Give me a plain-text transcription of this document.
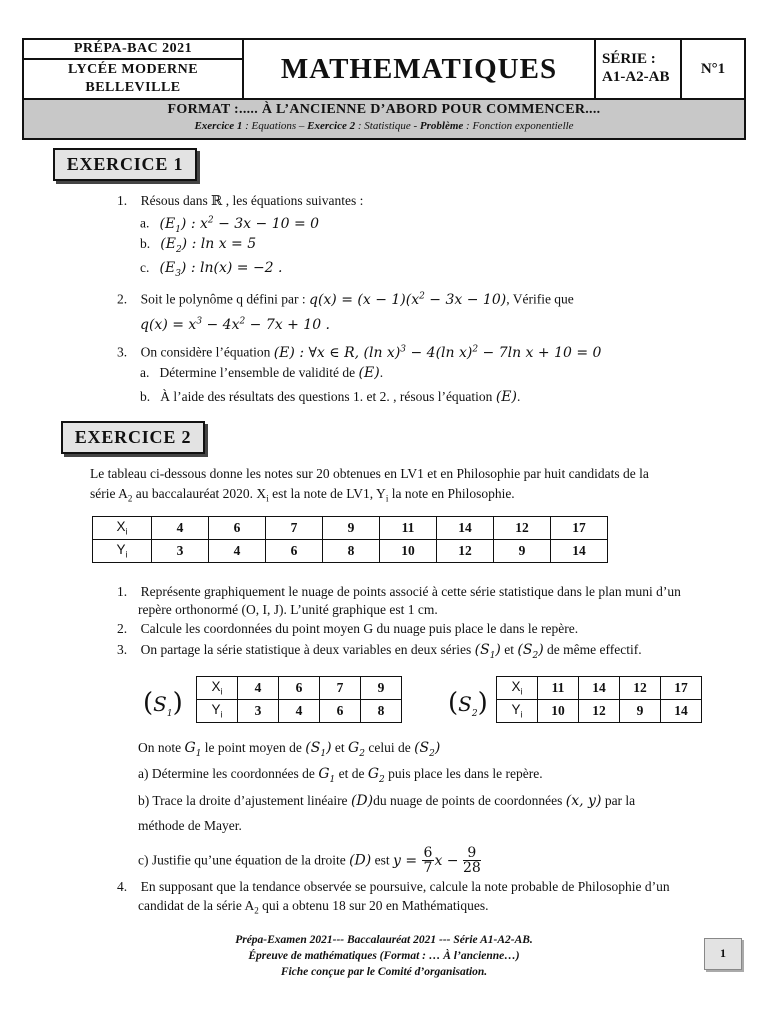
PRÉPA-BAC 2021
LYCÉE MODERNE
BELLEVILLE
MATHEMATIQUES	SÉRIE :
A1-A2-AB	N°1
FORMAT :..... À L’ANCIENNE D’ABORD POUR COMMENCER....
Exercice 1 : Equations – Exercice 2 : Statistique - Problème : Fonction exponentielle
EXERCICE 1
1. Résous dans ℝ , les équations suivantes :
a. $(E_1)$ : $x^2 - 3x - 10 = 0$
b. $(E_2)$ : ln x = 5
c. $(E_3)$ : ln(x) = −2 .
2. Soit le polynôme q défini par : $q(x) = (x - 1)(x^2 - 3x - 10)$, Vérifie que
$q(x) = x^3 - 4x^2 - 7x + 10$ .
3. On considère l’équation (E) : ∀x ∈ R, (ln x)$^3$ − 4(ln x)$^2$ − 7ln x + 10 = 0
a. Détermine l’ensemble de validité de (E).
b. À l’aide des résultats des questions 1. et 2. , résous l’équation (E).
EXERCICE 2
Le tableau ci-dessous donne les notes sur 20 obtenues en LV1 et en Philosophie par huit candidats de la
série $A_2$ au baccalauréat 2020. $X_i$ est la note de LV1, $Y_i$ la note en Philosophie.
$X_i$	4	6	7	9	11	14	12	17
$Y_i$	3	4	6	8	10	12	9	14
1. Représente graphiquement le nuage de points associé à cette série statistique dans le plan muni d’un
repère orthonormé (O, I, J). L’unité graphique est 1 cm.
2. Calcule les coordonnées du point moyen G du nuage puis place le dans le repère.
3. On partage la série statistique à deux variables en deux séries $(S_1)$ et $(S_2)$ de même effectif.
$(S_1)$
$X_i$	4	6	7	9
$Y_i$	3	4	6	8 $(S_2)$
$X_i$	11	14	12	17
$Y_i$	10	12	9	14
On note $G_1$ le point moyen de $(S_1)$ et $G_2$ celui de $(S_2)$
a) Détermine les coordonnées de $G_1$ et de $G_2$ puis place les dans le repère.
b) Trace la droite d’ajustement linéaire (D)du nuage de points de coordonnées (x, y) par la
méthode de Mayer.
c) Justifie qu’une équation de la droite (D) est $y = \frac{6}{7}$ $x - \frac{9}{28}$
4. En supposant que la tendance observée se poursuive, calcule la note probable de Philosophie d’un
candidat de la série $A_2$ qui a obtenu 18 sur 20 en Mathématiques.
Prépa-Examen 2021--- Baccalauréat 2021 --- Série A1-A2-AB.
Épreuve de mathématiques (Format : … À l’ancienne…)
Fiche conçue par le Comité d’organisation.
1
